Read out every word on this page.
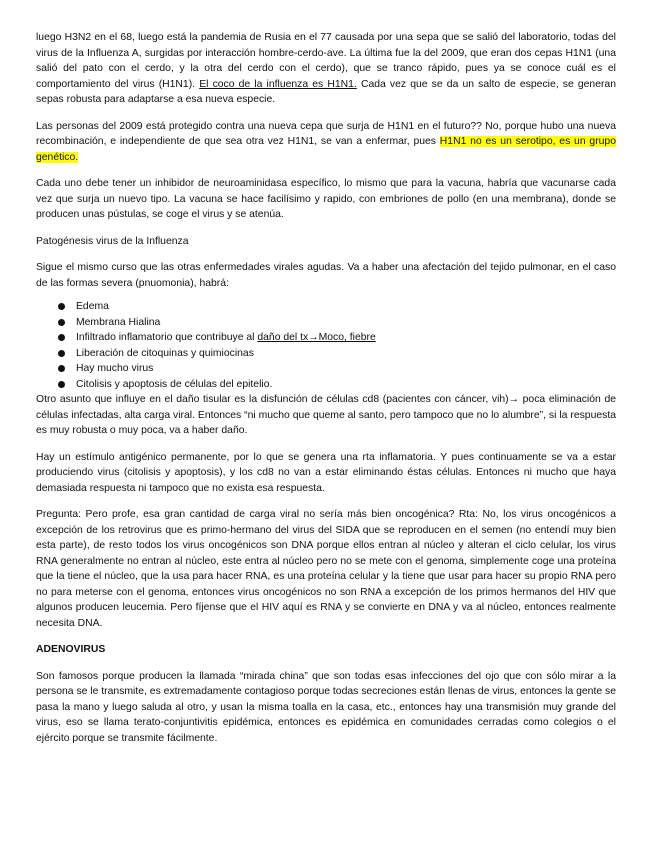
luego H3N2 en el 68, luego está la pandemia de Rusia en el 77 causada por una sepa que se salió del laboratorio, todas del virus de la Influenza A, surgidas por interacción hombre-cerdo-ave. La última fue la del 2009, que eran dos cepas H1N1 (una salió del pato con el cerdo, y la otra del cerdo con el cerdo), que se tranco rápido, pues ya se conoce cuál es el comportamiento del virus (H1N1). El coco de la influenza es H1N1. Cada vez que se da un salto de especie, se generan sepas robusta para adaptarse a esa nueva especie.

Las personas del 2009 está protegido contra una nueva cepa que surja de H1N1 en el futuro?? No, porque hubo una nueva recombinación, e independiente de que sea otra vez H1N1, se van a enfermar, pues H1N1 no es un serotipo, es un grupo genético.

Cada uno debe tener un inhibidor de neuroaminidasa específico, lo mismo que para la vacuna, habría que vacunarse cada vez que surja un nuevo tipo. La vacuna se hace facilísimo y rapido, con embriones de pollo (en una membrana), donde se producen unas pústulas, se coge el virus y se atenúa.

Patogénesis virus de la Influenza

Sigue el mismo curso que las otras enfermedades virales agudas. Va a haber una afectación del tejido pulmonar, en el caso de las formas severa (pnuomonia), habrá:

Edema
Membrana Hialina
Infiltrado inflamatorio que contribuye al daño del tx→Moco, fiebre
Liberación de citoquinas y quimiocinas
Hay mucho virus
Citolisis y apoptosis de células del epitelio.

Otro asunto que influye en el daño tisular es la disfunción de células cd8 (pacientes con cáncer, vih)→ poca eliminación de células infectadas, alta carga viral. Entonces “ni mucho que queme al santo, pero tampoco que no lo alumbre”, si la respuesta es muy robusta o muy poca, va a haber daño.

Hay un estímulo antigénico permanente, por lo que se genera una rta inflamatoria. Y pues continuamente se va a estar produciendo virus (citolisis y apoptosis), y los cd8 no van a estar eliminando éstas células. Entonces ni mucho que haya demasiada respuesta ni tampoco que no exista esa respuesta.

Pregunta: Pero profe, esa gran cantidad de carga viral no sería más bien oncogénica? Rta: No, los virus oncogénicos a excepción de los retrovirus que es primo-hermano del virus del SIDA que se reproducen en el semen (no entendí muy bien esta parte), de resto todos los virus oncogénicos son DNA porque ellos entran al núcleo y alteran el ciclo celular, los virus RNA generalmente no entran al núcleo, este entra al núcleo pero no se mete con el genoma, simplemente coge una proteína que la tiene el núcleo, que la usa para hacer RNA, es una proteína celular y la tiene que usar para hacer su propio RNA pero no para meterse con el genoma, entonces virus oncogénicos no son RNA a excepción de los primos hermanos del HIV que algunos producen leucemia. Pero fíjense que el HIV aquí es RNA y se convierte en DNA y va al núcleo, entonces realmente necesita DNA.

ADENOVIRUS

Son famosos porque producen la llamada “mirada china” que son todas esas infecciones del ojo que con sólo mirar a la persona se le transmite, es extremadamente contagioso porque todas secreciones están llenas de virus, entonces la gente se pasa la mano y luego saluda al otro, y usan la misma toalla en la casa, etc., entonces hay una transmisión muy grande del virus, eso se llama terato-conjuntivitis epidémica, entonces es epidémica en comunidades cerradas como colegios o el ejército porque se transmite fácilmente.
